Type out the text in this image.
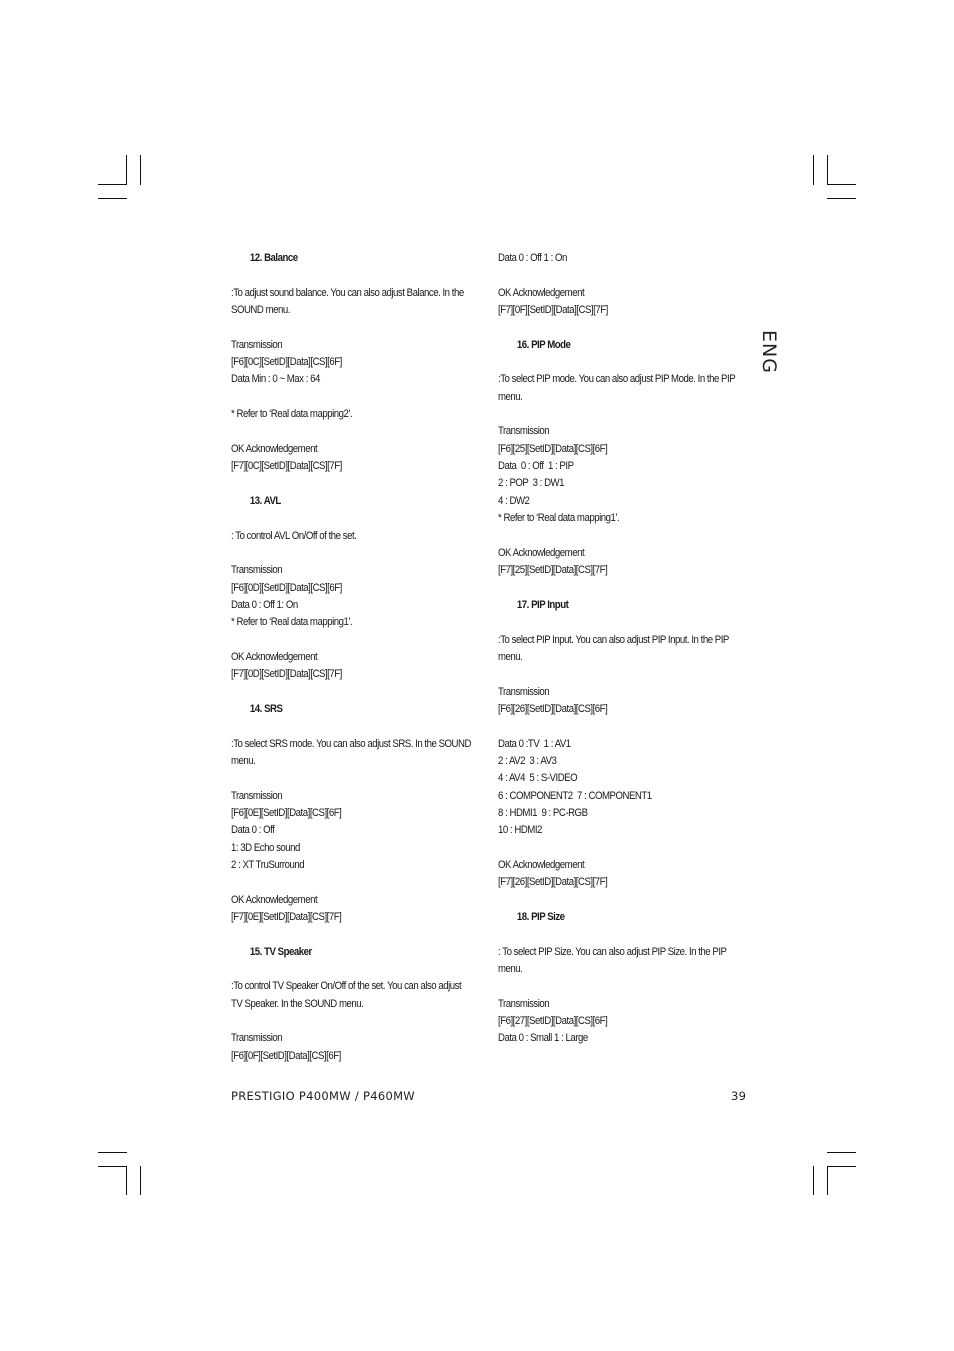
ENG
12. Balance
:To adjust sound balance. You can also adjust Balance. In the
SOUND menu.
Transmission
[F6][0C][SetID][Data][CS][6F]
Data Min : 0 ~ Max : 64
* Refer to ‘Real data mapping2’.
OK Acknowledgement
[F7][0C][SetID][Data][CS][7F]
13. AVL
: To control AVL On/Off of the set.
Transmission
[F6][0D][SetID][Data][CS][6F]
Data 0 : Off 1: On
* Refer to ‘Real data mapping1’.
OK Acknowledgement
[F7][0D][SetID][Data][CS][7F]
14. SRS
:To select SRS mode. You can also adjust SRS. In the SOUND
menu.
Transmission
[F6][0E][SetID][Data][CS][6F]
Data 0 : Off
1: 3D Echo sound
2 : XT TruSurround
OK Acknowledgement
[F7][0E][SetID][Data][CS][7F]
15. TV Speaker
:To control TV Speaker On/Off of the set. You can also adjust
TV Speaker. In the SOUND menu.
Transmission
[F6][0F][SetID][Data][CS][6F]
Data 0 : Off 1 : On
OK Acknowledgement
[F7][0F][SetID][Data][CS][7F]
16. PIP Mode
:To select PIP mode. You can also adjust PIP Mode. In the PIP
menu.
Transmission
[F6][25][SetID][Data][CS][6F]
Data  0 : Off  1 : PIP
2 : POP  3 : DW1
4 : DW2
* Refer to ‘Real data mapping1’.
OK Acknowledgement
[F7][25][SetID][Data][CS][7F]
17. PIP Input
:To select PIP Input. You can also adjust PIP Input. In the PIP
menu.
Transmission
[F6][26][SetID][Data][CS][6F]
Data 0 :TV  1 : AV1
2 : AV2  3 : AV3
4 : AV4  5 : S-VIDEO
6 : COMPONENT2  7 : COMPONENT1
8 : HDMI1  9 : PC-RGB
10 : HDMI2
OK Acknowledgement
[F7][26][SetID][Data][CS][7F]
18. PIP Size
: To select PIP Size. You can also adjust PIP Size. In the PIP
menu.
Transmission
[F6][27][SetID][Data][CS][6F]
Data 0 : Small 1 : Large
PRESTIGIO P400MW / P460MW	39
